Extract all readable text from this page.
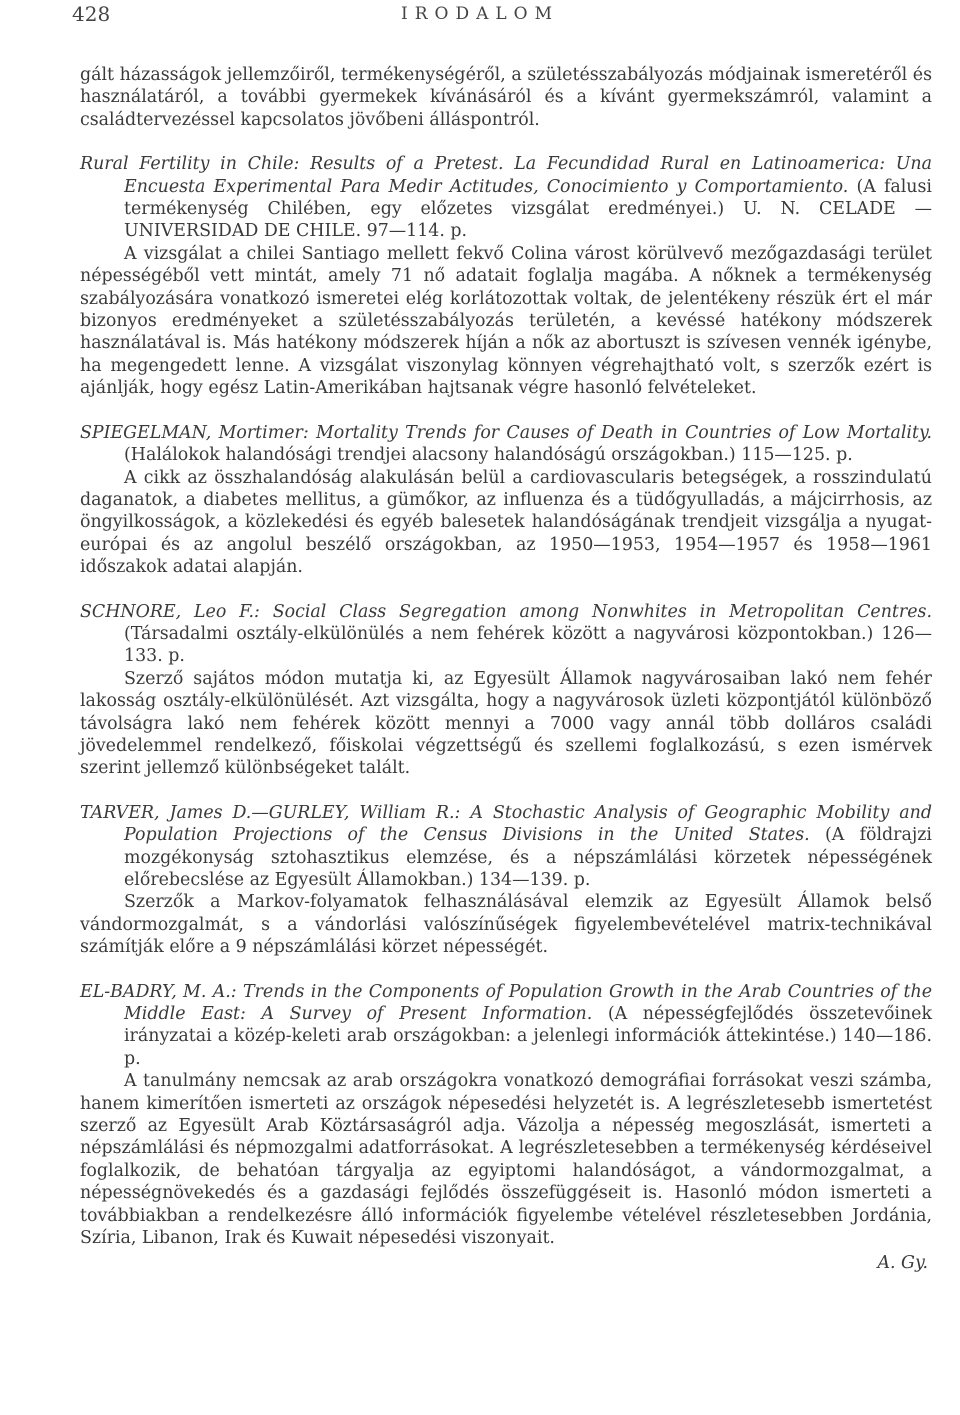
428	IRODALOM

gált házasságok jellemzőiről, termékenységéről, a születésszabályozás módjainak ismeretéről és használatáról, a további gyermekek kívánásáról és a kívánt gyermekszámról, valamint a családtervezéssel kapcsolatos jövőbeni álláspontról.

Rural Fertility in Chile: Results of a Pretest. La Fecundidad Rural en Latinoamerica: Una Encuesta Experimental Para Medir Actitudes, Conocimiento y Comportamiento. (A falusi termékenység Chilében, egy előzetes vizsgálat eredményei.) U. N. CELADE — UNIVERSIDAD DE CHILE. 97—114. p.

A vizsgálat a chilei Santiago mellett fekvő Colina várost körülvevő mezőgazdasági terület népességéből vett mintát, amely 71 nő adatait foglalja magába. A nőknek a termékenység szabályozására vonatkozó ismeretei elég korlátozottak voltak, de jelentékeny részük ért el már bizonyos eredményeket a születésszabályozás területén, a kevéssé hatékony módszerek használatával is. Más hatékony módszerek híján a nők az abortuszt is szívesen vennék igénybe, ha megengedett lenne. A vizsgálat viszonylag könnyen végrehajtható volt, s szerzők ezért is ajánlják, hogy egész Latin-Amerikában hajtsanak végre hasonló felvételeket.

SPIEGELMAN, Mortimer: Mortality Trends for Causes of Death in Countries of Low Mortality. (Halálokok halandósági trendjei alacsony halandóságú országokban.) 115—125. p.

A cikk az összhalandóság alakulásán belül a cardiovascularis betegségek, a rosszindulatú daganatok, a diabetes mellitus, a gümőkor, az influenza és a tüdőgyulladás, a májcirrhosis, az öngyilkosságok, a közlekedési és egyéb balesetek halandóságának trendjeit vizsgálja a nyugat-európai és az angolul beszélő országokban, az 1950—1953, 1954—1957 és 1958—1961 időszakok adatai alapján.

SCHNORE, Leo F.: Social Class Segregation among Nonwhites in Metropolitan Centres. (Társadalmi osztály-elkülönülés a nem fehérek között a nagyvárosi központokban.) 126—133. p.

Szerző sajátos módon mutatja ki, az Egyesült Államok nagyvárosaiban lakó nem fehér lakosság osztály-elkülönülését. Azt vizsgálta, hogy a nagyvárosok üzleti központjától különböző távolságra lakó nem fehérek között mennyi a 7000 vagy annál több dolláros családi jövedelemmel rendelkező, főiskolai végzettségű és szellemi foglalkozású, s ezen ismérvek szerint jellemző különbségeket talált.

TARVER, James D.—GURLEY, William R.: A Stochastic Analysis of Geographic Mobility and Population Projections of the Census Divisions in the United States. (A földrajzi mozgékonyság sztohasztikus elemzése, és a népszámlálási körzetek népességének előrebecslése az Egyesült Államokban.) 134—139. p.

Szerzők a Markov-folyamatok felhasználásával elemzik az Egyesült Államok belső vándormozgalmát, s a vándorlási valószínűségek figyelembevételével matrix-technikával számítják előre a 9 népszámlálási körzet népességét.

EL-BADRY, M. A.: Trends in the Components of Population Growth in the Arab Countries of the Middle East: A Survey of Present Information. (A népességfejlődés összetevőinek irányzatai a közép-keleti arab országokban: a jelenlegi információk áttekintése.) 140—186. p.

A tanulmány nemcsak az arab országokra vonatkozó demográfiai forrásokat veszi számba, hanem kimerítően ismerteti az országok népesedési helyzetét is. A legrészletesebb ismertetést szerző az Egyesült Arab Köztársaságról adja. Vázolja a népesség megoszlását, ismerteti a népszámlálási és népmozgalmi adatforrásokat. A legrészletesebben a termékenység kérdéseivel foglalkozik, de behatóan tárgyalja az egyiptomi halandóságot, a vándormozgalmat, a népességnövekedés és a gazdasági fejlődés összefüggéseit is. Hasonló módon ismerteti a továbbiakban a rendelkezésre álló információk figyelembe vételével részletesebben Jordánia, Szíria, Libanon, Irak és Kuwait népesedési viszonyait.

A. Gy.
